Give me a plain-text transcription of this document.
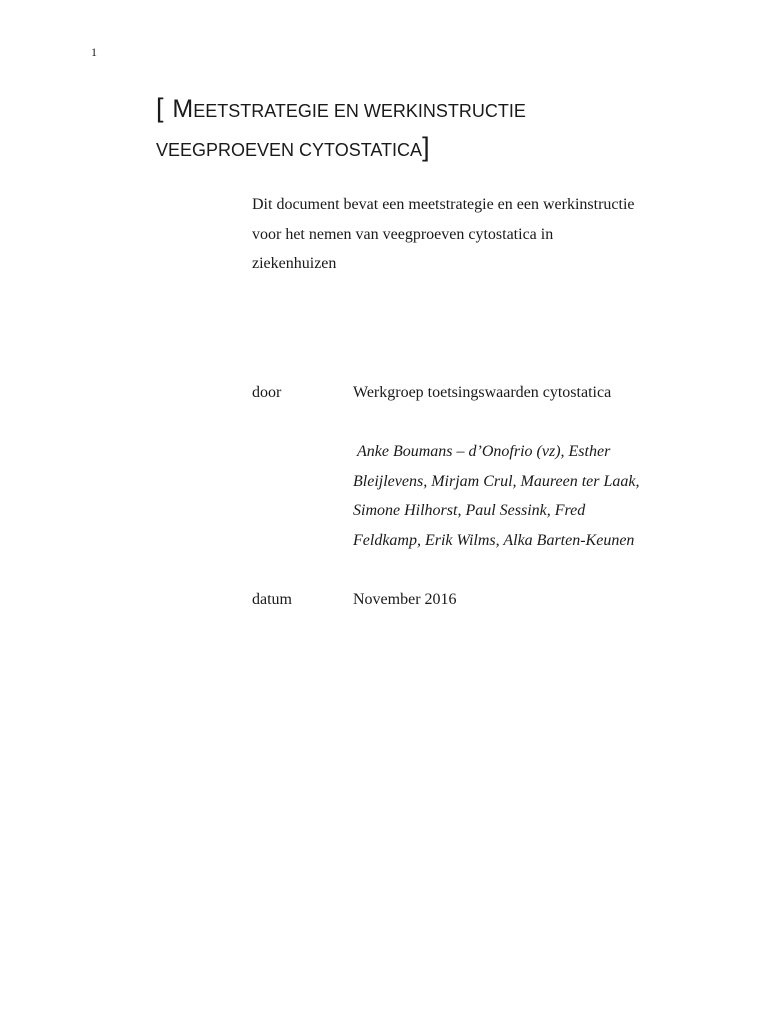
1
[ MEETSTRATEGIE EN WERKINSTRUCTIE
VEEGPROEVEN CYTOSTATICA]

Dit document bevat een meetstrategie en een werkinstructie
voor het nemen van veegproeven cytostatica in
ziekenhuizen

door	Werkgroep toetsingswaarden cytostatica

Anke Boumans – d’Onofrio (vz), Esther
Bleijlevens, Mirjam Crul, Maureen ter Laak,
Simone Hilhorst, Paul Sessink, Fred
Feldkamp, Erik Wilms, Alka Barten-Keunen

datum	November 2016
